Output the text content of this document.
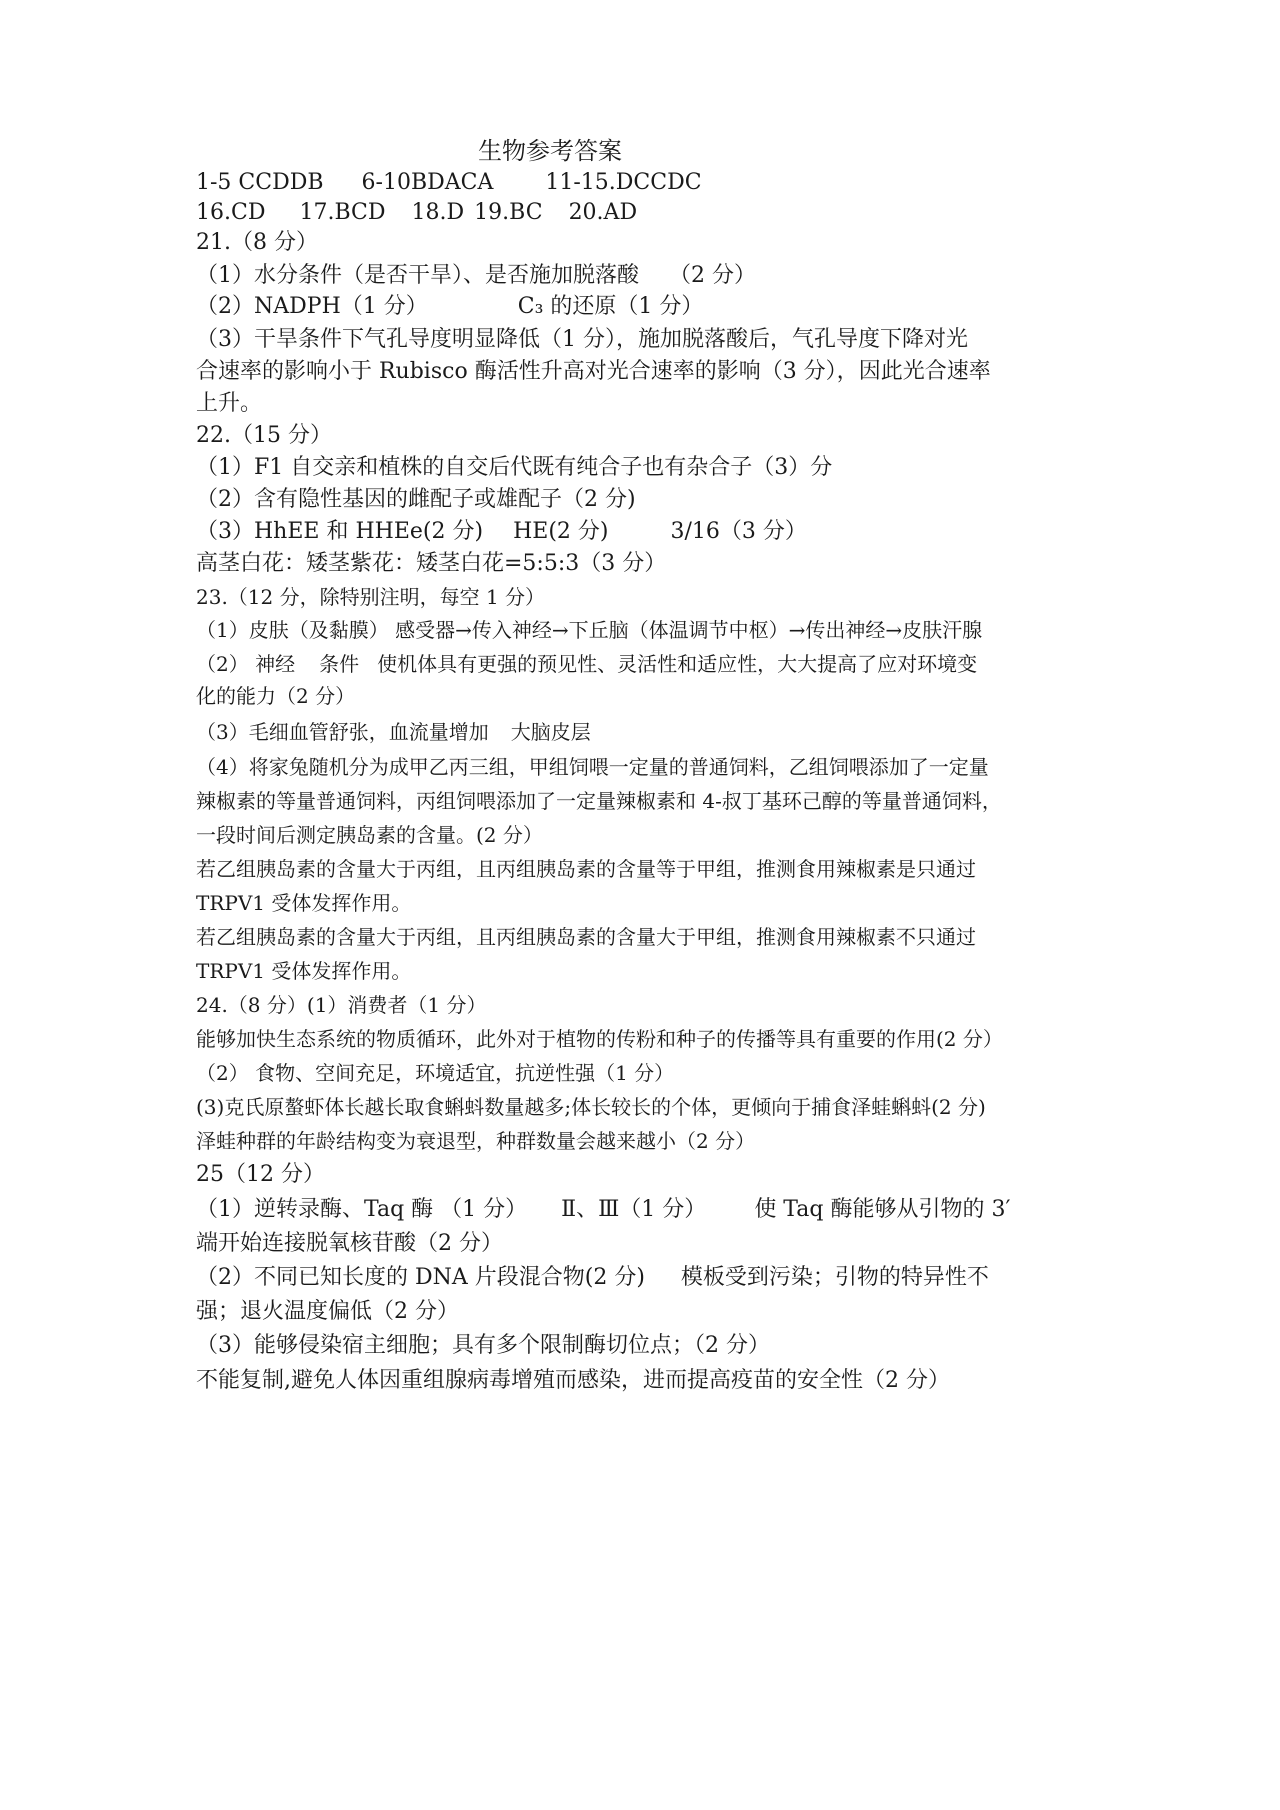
生物参考答案
1-5 CCDDB 6-10BDACA 11-15.DCCDC
16.CD 17.BCD 18.D 19.BC 20.AD
21.（8 分）
（1）水分条件（是否干旱）、是否施加脱落酸 （2 分）
（2）NADPH（1 分）	C₃ 的还原（1 分）
（3）干旱条件下气孔导度明显降低（1 分），施加脱落酸后，气孔导度下降对光
合速率的影响小于 Rubisco 酶活性升高对光合速率的影响（3 分），因此光合速率
上升。
22.（15 分）
（1）F1 自交亲和植株的自交后代既有纯合子也有杂合子（3）分
（2）含有隐性基因的雌配子或雄配子（2 分)
（3）HhEE 和 HHEe(2 分) HE(2 分)	3/16（3 分）
高茎白花：矮茎紫花：矮茎白花=5:5:3（3 分）
23.（12 分，除特别注明，每空 1 分）
（1）皮肤（及黏膜） 感受器→传入神经→下丘脑（体温调节中枢）→传出神经→皮肤汗腺
（2） 神经 条件 使机体具有更强的预见性、灵活性和适应性，大大提高了应对环境变
化的能力（2 分）
（3）毛细血管舒张，血流量增加 大脑皮层
（4）将家兔随机分为成甲乙丙三组，甲组饲喂一定量的普通饲料，乙组饲喂添加了一定量
辣椒素的等量普通饲料，丙组饲喂添加了一定量辣椒素和 4-叔丁基环己醇的等量普通饲料，
一段时间后测定胰岛素的含量。(2 分）
若乙组胰岛素的含量大于丙组，且丙组胰岛素的含量等于甲组，推测食用辣椒素是只通过
TRPV1 受体发挥作用。
若乙组胰岛素的含量大于丙组，且丙组胰岛素的含量大于甲组，推测食用辣椒素不只通过
TRPV1 受体发挥作用。
24.（8 分）(1）消费者（1 分）
能够加快生态系统的物质循环，此外对于植物的传粉和种子的传播等具有重要的作用(2 分）
（2） 食物、空间充足，环境适宜，抗逆性强（1 分）
(3)克氏原螯虾体长越长取食蝌蚪数量越多;体长较长的个体，更倾向于捕食泽蛙蝌蚪(2 分)
泽蛙种群的年龄结构变为衰退型，种群数量会越来越小（2 分）
25（12 分）
（1）逆转录酶、Taq 酶 （1 分） Ⅱ、Ⅲ（1 分） 使 Taq 酶能够从引物的 3′
端开始连接脱氧核苷酸（2 分）
（2）不同已知长度的 DNA 片段混合物(2 分) 模板受到污染；引物的特异性不
强；退火温度偏低（2 分）
（3）能够侵染宿主细胞；具有多个限制酶切位点；（2 分）
不能复制,避免人体因重组腺病毒增殖而感染，进而提高疫苗的安全性（2 分）
